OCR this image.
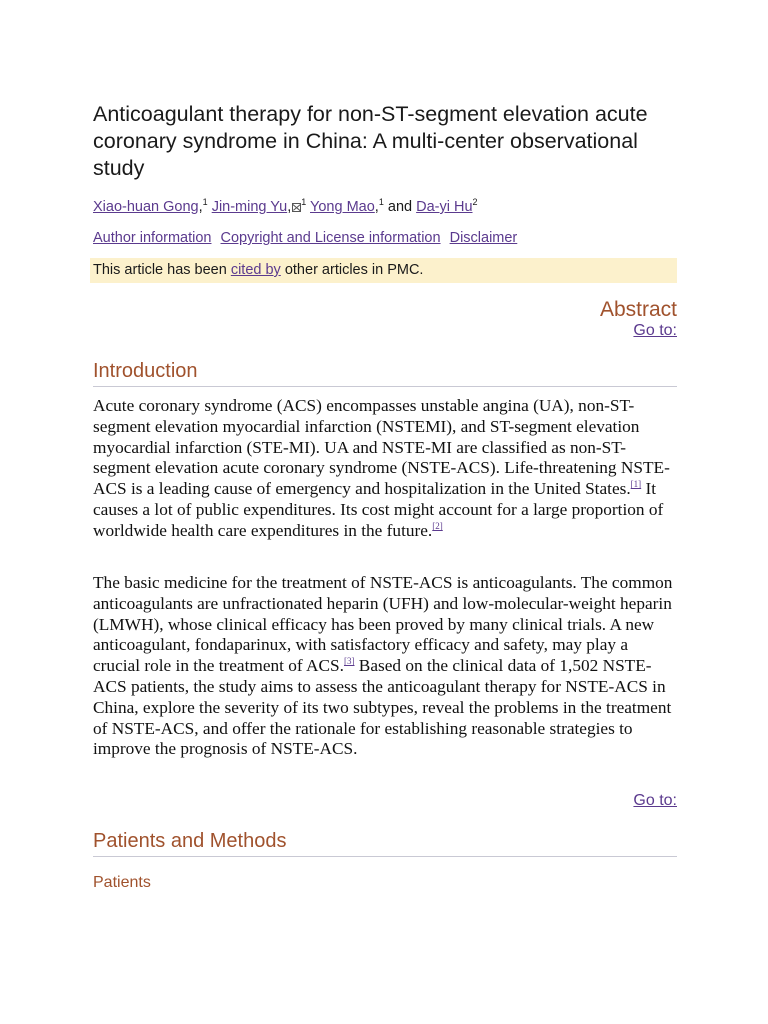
Anticoagulant therapy for non-ST-segment elevation acute coronary syndrome in China: A multi-center observational study
Xiao-huan Gong,$^1$ Jin-ming Yu, $^1$ Yong Mao,$^1$ and Da-yi Hu$^2$
Author information Copyright and License information Disclaimer
This article has been cited by other articles in PMC.
Abstract
Go to:
Introduction

Acute coronary syndrome (ACS) encompasses unstable angina (UA), non-ST-segment elevation myocardial infarction (NSTEMI), and ST-segment elevation myocardial infarction (STE-MI). UA and NSTE-MI are classified as non-ST-segment elevation acute coronary syndrome (NSTE-ACS). Life-threatening NSTE-ACS is a leading cause of emergency and hospitalization in the United States.[1] It causes a lot of public expenditures. Its cost might account for a large proportion of worldwide health care expenditures in the future.[2]

The basic medicine for the treatment of NSTE-ACS is anticoagulants. The common anticoagulants are unfractionated heparin (UFH) and low-molecular-weight heparin (LMWH), whose clinical efficacy has been proved by many clinical trials. A new anticoagulant, fondaparinux, with satisfactory efficacy and safety, may play a crucial role in the treatment of ACS.[3] Based on the clinical data of 1,502 NSTE-ACS patients, the study aims to assess the anticoagulant therapy for NSTE-ACS in China, explore the severity of its two subtypes, reveal the problems in the treatment of NSTE-ACS, and offer the rationale for establishing reasonable strategies to improve the prognosis of NSTE-ACS.

Go to:
Patients and Methods
Patients
